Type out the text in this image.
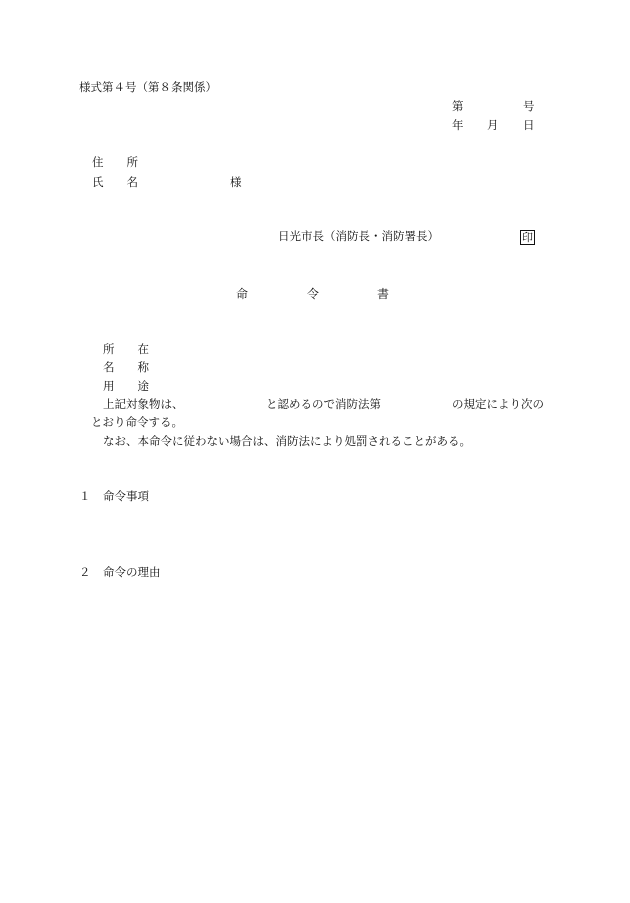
様式第４号（第８条関係）
第	号
年 月 日
住　　所
氏　　名	様
日光市長（消防長・消防署長）	印
命	令	書
所　　在
名　　称
用　　途
上記対象物は、	と認めるので消防法第	の規定により次の
とおり命令する。
なお、本命令に従わない場合は、消防法により処罰されることがある。
１ 命令事項
２ 命令の理由
